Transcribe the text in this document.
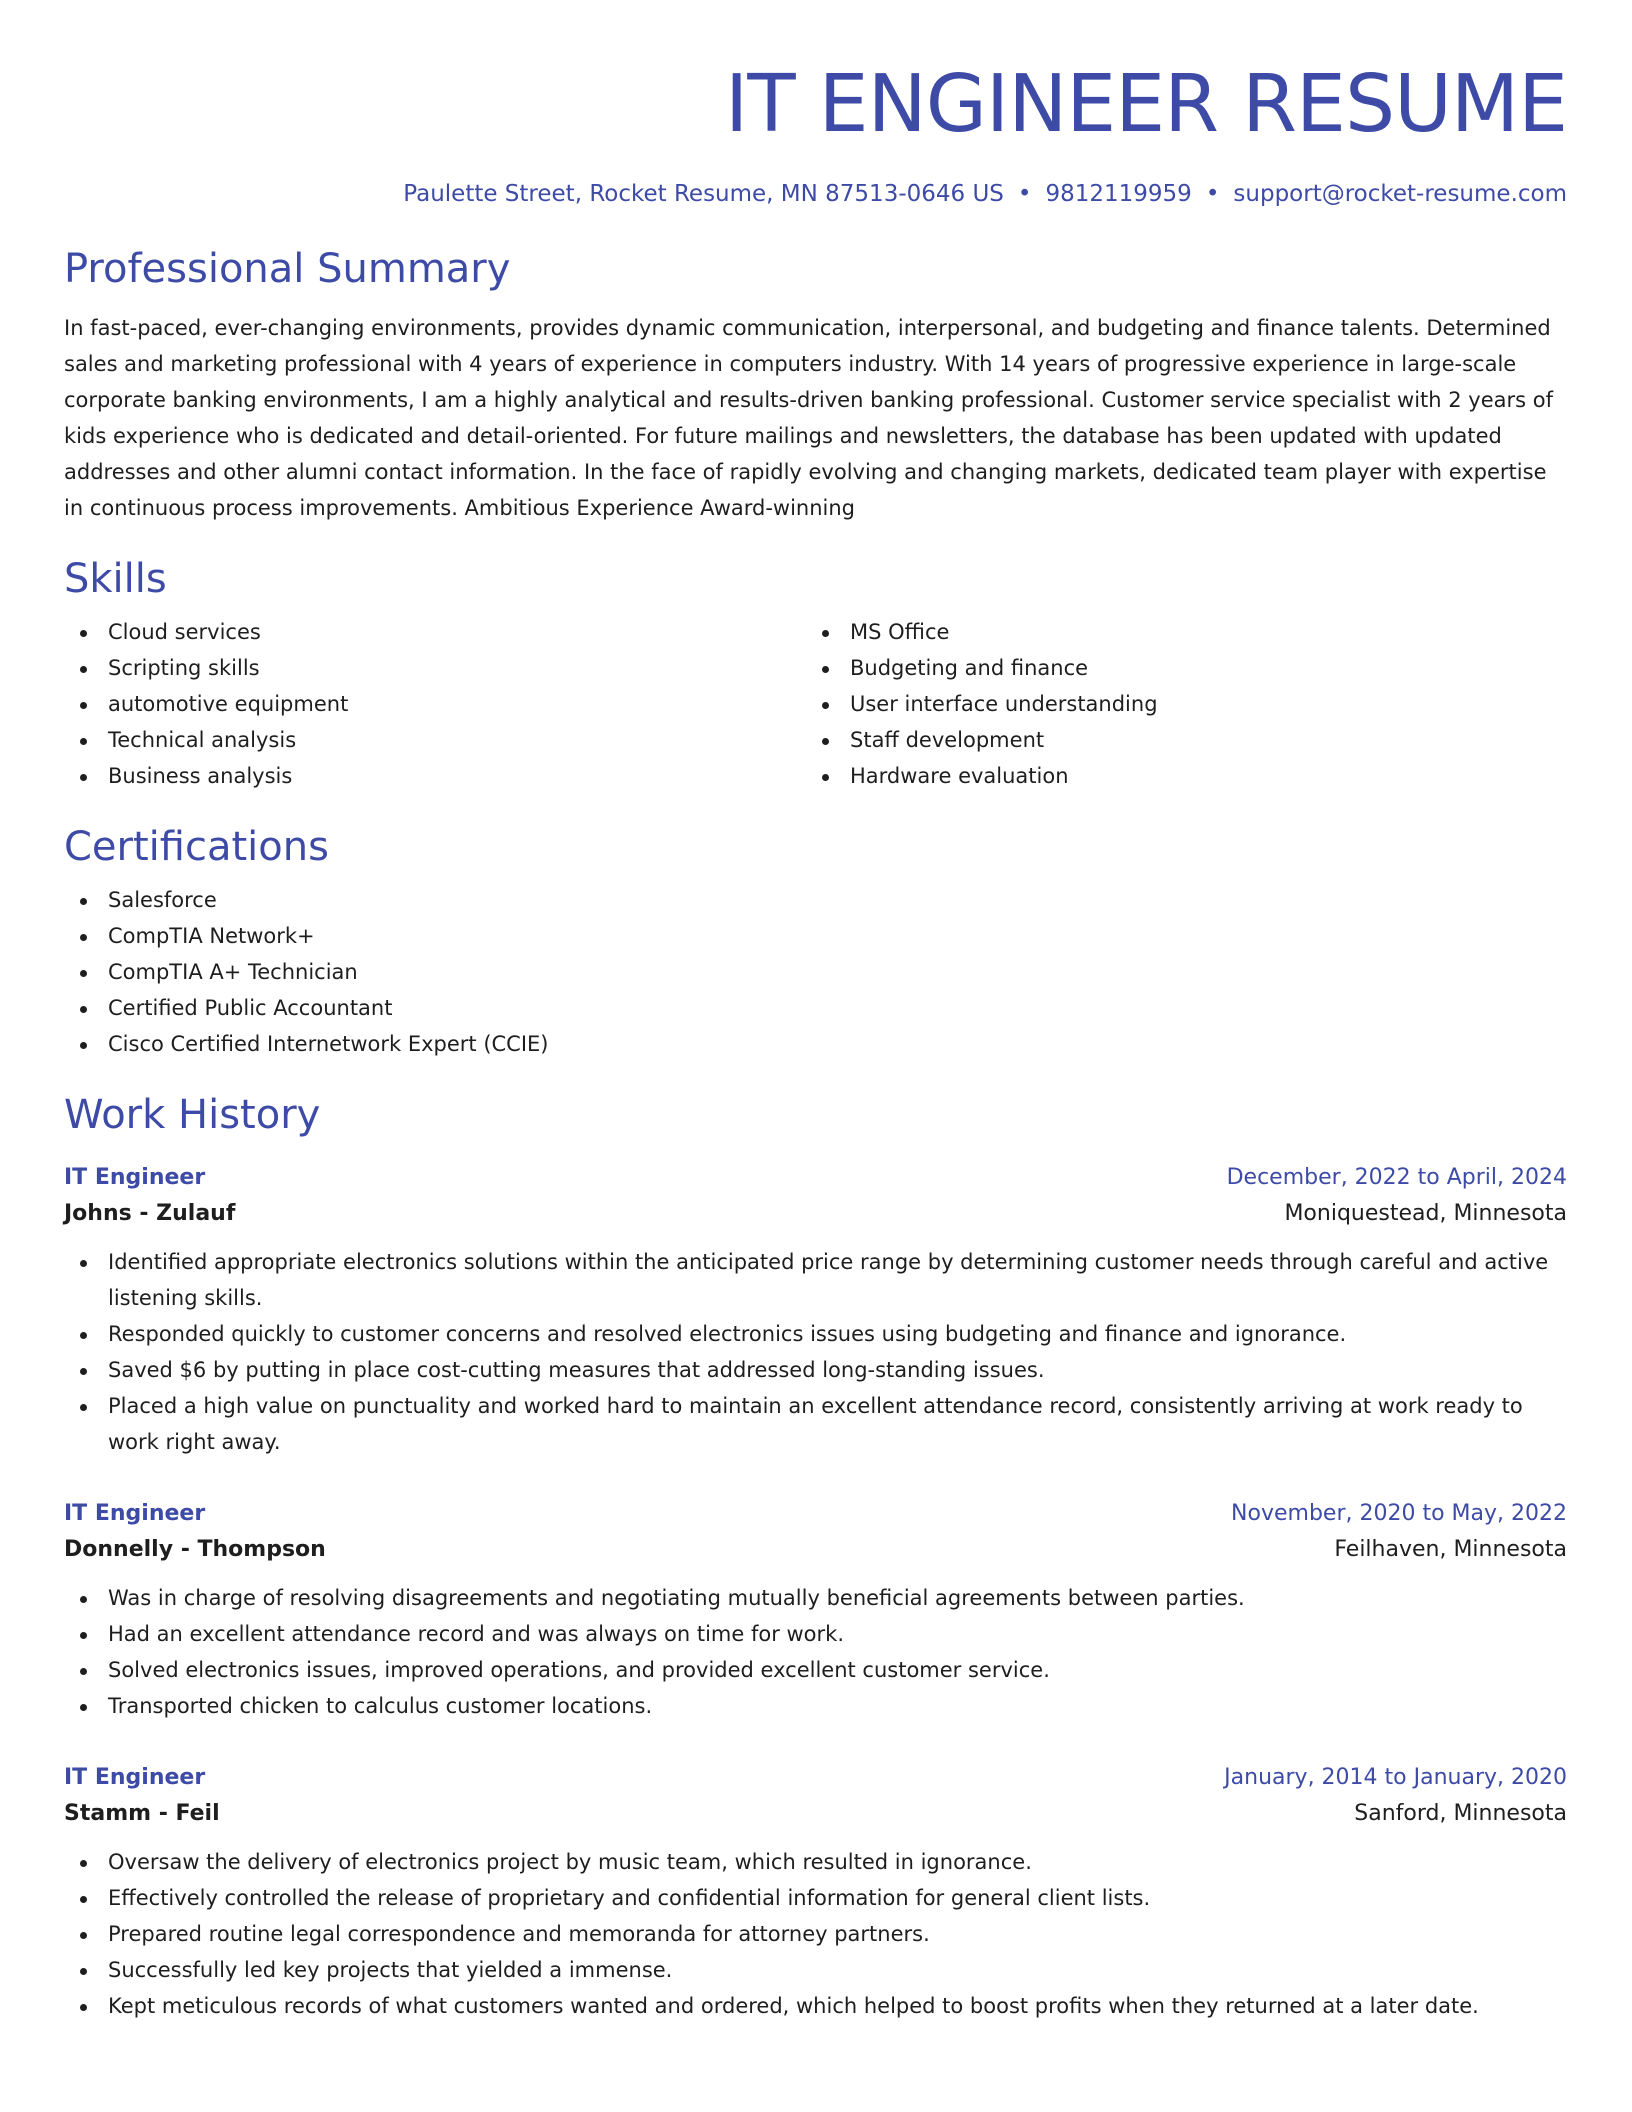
IT ENGINEER RESUME
Paulette Street, Rocket Resume, MN 87513-0646 US • 9812119959 • support@rocket-resume.com
Professional Summary

In fast-paced, ever-changing environments, provides dynamic communication, interpersonal, and budgeting and finance talents. Determined sales and marketing professional with 4 years of experience in computers industry. With 14 years of progressive experience in large-scale corporate banking environments, I am a highly analytical and results-driven banking professional. Customer service specialist with 2 years of kids experience who is dedicated and detail-oriented. For future mailings and newsletters, the database has been updated with updated addresses and other alumni contact information. In the face of rapidly evolving and changing markets, dedicated team player with expertise in continuous process improvements. Ambitious Experience Award-winning

Skills
Cloud services
Scripting skills
automotive equipment
Technical analysis
Business analysis
MS Office
Budgeting and finance
User interface understanding
Staff development
Hardware evaluation
Certifications
Salesforce
CompTIA Network+
CompTIA A+ Technician
Certified Public Accountant
Cisco Certified Internetwork Expert (CCIE)
Work History
IT Engineer	December, 2022 to April, 2024
Johns - Zulauf	Moniquestead, Minnesota
Identified appropriate electronics solutions within the anticipated price range by determining customer needs through careful and active listening skills.
Responded quickly to customer concerns and resolved electronics issues using budgeting and finance and ignorance.
Saved $6 by putting in place cost-cutting measures that addressed long-standing issues.
Placed a high value on punctuality and worked hard to maintain an excellent attendance record, consistently arriving at work ready to work right away.
IT Engineer	November, 2020 to May, 2022
Donnelly - Thompson	Feilhaven, Minnesota
Was in charge of resolving disagreements and negotiating mutually beneficial agreements between parties.
Had an excellent attendance record and was always on time for work.
Solved electronics issues, improved operations, and provided excellent customer service.
Transported chicken to calculus customer locations.
IT Engineer	January, 2014 to January, 2020
Stamm - Feil	Sanford, Minnesota
Oversaw the delivery of electronics project by music team, which resulted in ignorance.
Effectively controlled the release of proprietary and confidential information for general client lists.
Prepared routine legal correspondence and memoranda for attorney partners.
Successfully led key projects that yielded a immense.
Kept meticulous records of what customers wanted and ordered, which helped to boost profits when they returned at a later date.
